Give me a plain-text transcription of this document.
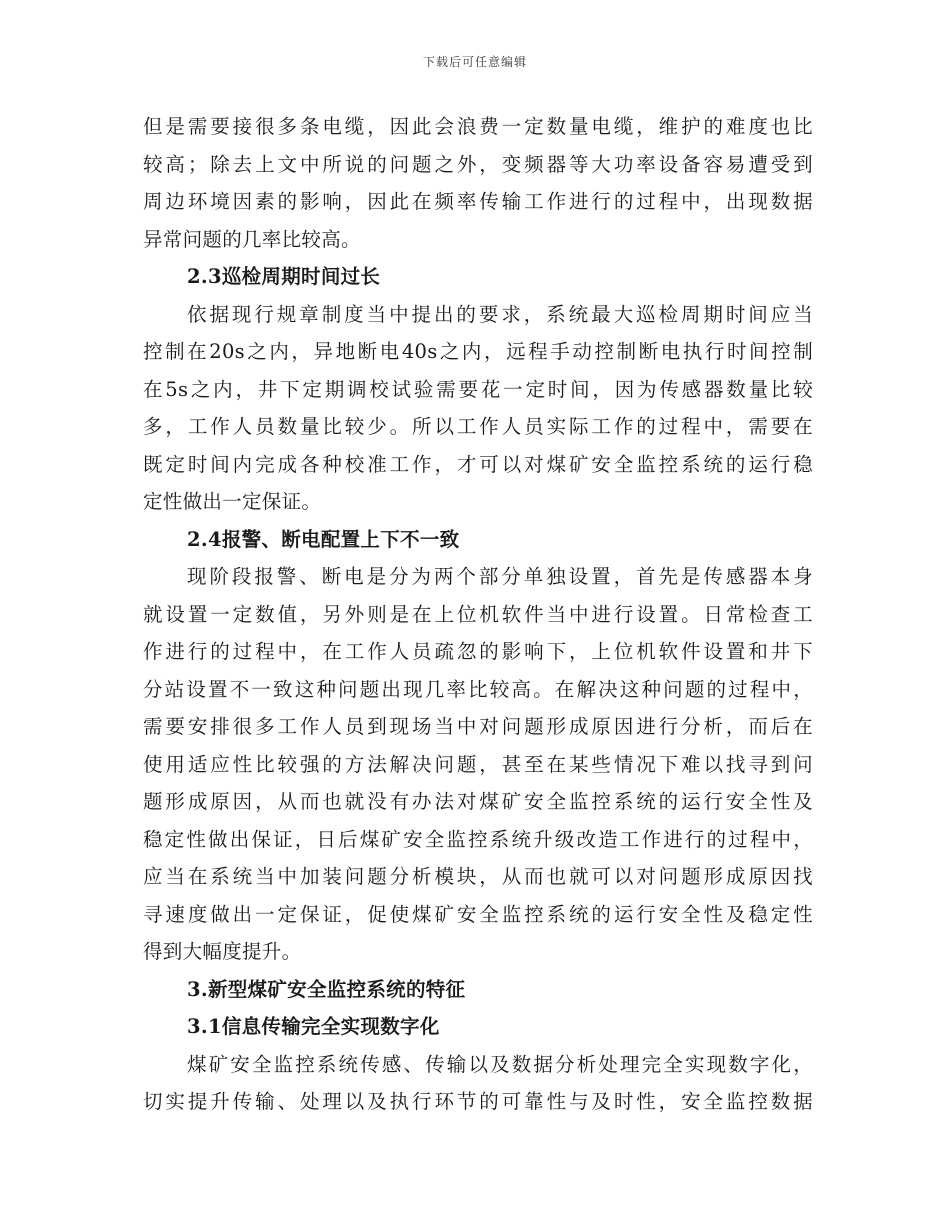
下载后可任意编辑
但是需要接很多条电缆，因此会浪费一定数量电缆，维护的难度也比
较高；除去上文中所说的问题之外，变频器等大功率设备容易遭受到
周边环境因素的影响，因此在频率传输工作进行的过程中，出现数据
异常问题的几率比较高。
2.3巡检周期时间过长
依据现行规章制度当中提出的要求，系统最大巡检周期时间应当
控制在20s之内，异地断电40s之内，远程手动控制断电执行时间控制
在5s之内，井下定期调校试验需要花一定时间，因为传感器数量比较
多，工作人员数量比较少。所以工作人员实际工作的过程中，需要在
既定时间内完成各种校准工作，才可以对煤矿安全监控系统的运行稳
定性做出一定保证。
2.4报警、断电配置上下不一致
现阶段报警、断电是分为两个部分单独设置，首先是传感器本身
就设置一定数值，另外则是在上位机软件当中进行设置。日常检查工
作进行的过程中，在工作人员疏忽的影响下，上位机软件设置和井下
分站设置不一致这种问题出现几率比较高。在解决这种问题的过程中，
需要安排很多工作人员到现场当中对问题形成原因进行分析，而后在
使用适应性比较强的方法解决问题，甚至在某些情况下难以找寻到问
题形成原因，从而也就没有办法对煤矿安全监控系统的运行安全性及
稳定性做出保证，日后煤矿安全监控系统升级改造工作进行的过程中，
应当在系统当中加装问题分析模块，从而也就可以对问题形成原因找
寻速度做出一定保证，促使煤矿安全监控系统的运行安全性及稳定性
得到大幅度提升。
3.新型煤矿安全监控系统的特征
3.1信息传输完全实现数字化
煤矿安全监控系统传感、传输以及数据分析处理完全实现数字化，
切实提升传输、处理以及执行环节的可靠性与及时性，安全监控数据
